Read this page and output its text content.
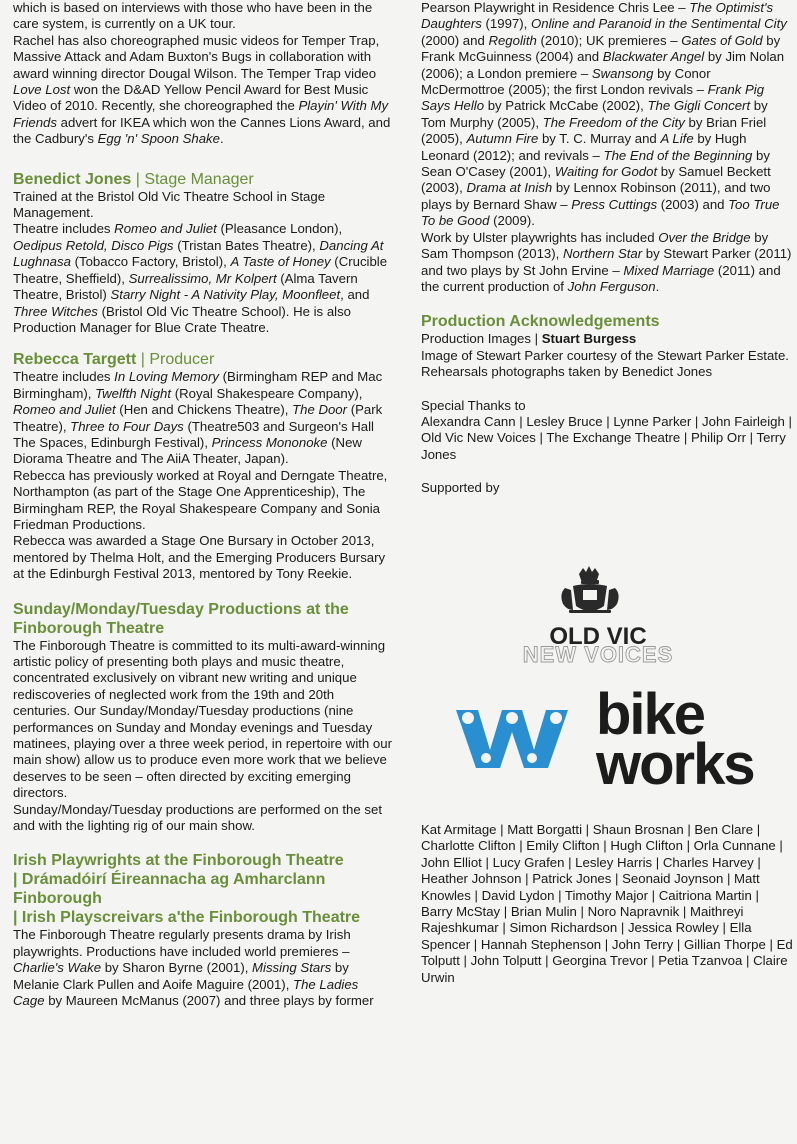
which is based on interviews with those who have been in the care system, is currently on a UK tour.

Rachel has also choreographed music videos for Temper Trap, Massive Attack and Adam Buxton's Bugs in collaboration with award winning director Dougal Wilson. The Temper Trap video Love Lost won the D&AD Yellow Pencil Award for Best Music Video of 2010. Recently, she choreographed the Playin' With My Friends advert for IKEA which won the Cannes Lions Award, and the Cadbury's Egg 'n' Spoon Shake.

Benedict Jones | Stage Manager

Trained at the Bristol Old Vic Theatre School in Stage Management.

Theatre includes Romeo and Juliet (Pleasance London), Oedipus Retold, Disco Pigs (Tristan Bates Theatre), Dancing At Lughnasa (Tobacco Factory, Bristol), A Taste of Honey (Crucible Theatre, Sheffield), Surrealissimo, Mr Kolpert (Alma Tavern Theatre, Bristol) Starry Night - A Nativity Play, Moonfleet, and Three Witches (Bristol Old Vic Theatre School). He is also Production Manager for Blue Crate Theatre.

Rebecca Targett | Producer

Theatre includes In Loving Memory (Birmingham REP and Mac Birmingham), Twelfth Night (Royal Shakespeare Company), Romeo and Juliet (Hen and Chickens Theatre), The Door (Park Theatre), Three to Four Days (Theatre503 and Surgeon's Hall The Spaces, Edinburgh Festival), Princess Mononoke (New Diorama Theatre and The AiiA Theater, Japan).

Rebecca has previously worked at Royal and Derngate Theatre, Northampton (as part of the Stage One Apprenticeship), The Birmingham REP, the Royal Shakespeare Company and Sonia Friedman Productions.

Rebecca was awarded a Stage One Bursary in October 2013, mentored by Thelma Holt, and the Emerging Producers Bursary at the Edinburgh Festival 2013, mentored by Tony Reekie.

Sunday/Monday/Tuesday Productions at the Finborough Theatre

The Finborough Theatre is committed to its multi-award-winning artistic policy of presenting both plays and music theatre, concentrated exclusively on vibrant new writing and unique rediscoveries of neglected work from the 19th and 20th centuries. Our Sunday/Monday/Tuesday productions (nine performances on Sunday and Monday evenings and Tuesday matinees, playing over a three week period, in repertoire with our main show) allow us to produce even more work that we believe deserves to be seen – often directed by exciting emerging directors.

Sunday/Monday/Tuesday productions are performed on the set and with the lighting rig of our main show.

Irish Playwrights at the Finborough Theatre
| Drámadóirí Éireannacha ag Amharclann Finborough
| Irish Playscreivars a'the Finborough Theatre

The Finborough Theatre regularly presents drama by Irish playwrights. Productions have included world premieres – Charlie's Wake by Sharon Byrne (2001), Missing Stars by Melanie Clark Pullen and Aoife Maguire (2001), The Ladies Cage by Maureen McManus (2007) and three plays by former

Pearson Playwright in Residence Chris Lee – The Optimist's Daughters (1997), Online and Paranoid in the Sentimental City (2000) and Regolith (2010); UK premieres – Gates of Gold by Frank McGuinness (2004) and Blackwater Angel by Jim Nolan (2006); a London premiere – Swansong by Conor McDermottroe (2005); the first London revivals – Frank Pig Says Hello by Patrick McCabe (2002), The Gigli Concert by Tom Murphy (2005), The Freedom of the City by Brian Friel (2005), Autumn Fire by T. C. Murray and A Life by Hugh Leonard (2012); and revivals – The End of the Beginning by Sean O'Casey (2001), Waiting for Godot by Samuel Beckett (2003), Drama at Inish by Lennox Robinson (2011), and two plays by Bernard Shaw – Press Cuttings (2003) and Too True To be Good (2009).

Work by Ulster playwrights has included Over the Bridge by Sam Thompson (2013), Northern Star by Stewart Parker (2011) and two plays by St John Ervine – Mixed Marriage (2011) and the current production of John Ferguson.

Production Acknowledgements

Production Images | Stuart Burgess

Image of Stewart Parker courtesy of the Stewart Parker Estate.

Rehearsals photographs taken by Benedict Jones

Special Thanks to

Alexandra Cann | Lesley Bruce | Lynne Parker | John Fairleigh | Old Vic New Voices | The Exchange Theatre | Philip Orr | Terry Jones

Supported by

OLD VIC
NEW VOICES
bike
works

Kat Armitage | Matt Borgatti | Shaun Brosnan | Ben Clare | Charlotte Clifton | Emily Clifton | Hugh Clifton | Orla Cunnane | John Elliot | Lucy Grafen | Lesley Harris | Charles Harvey | Heather Johnson | Patrick Jones | Seonaid Joynson | Matt Knowles | David Lydon | Timothy Major | Caitriona Martin | Barry McStay | Brian Mulin | Noro Napravnik | Maithreyi Rajeshkumar | Simon Richardson | Jessica Rowley | Ella Spencer | Hannah Stephenson | John Terry | Gillian Thorpe | Ed Tolputt | John Tolputt | Georgina Trevor | Petia Tzanvoa | Claire Urwin
